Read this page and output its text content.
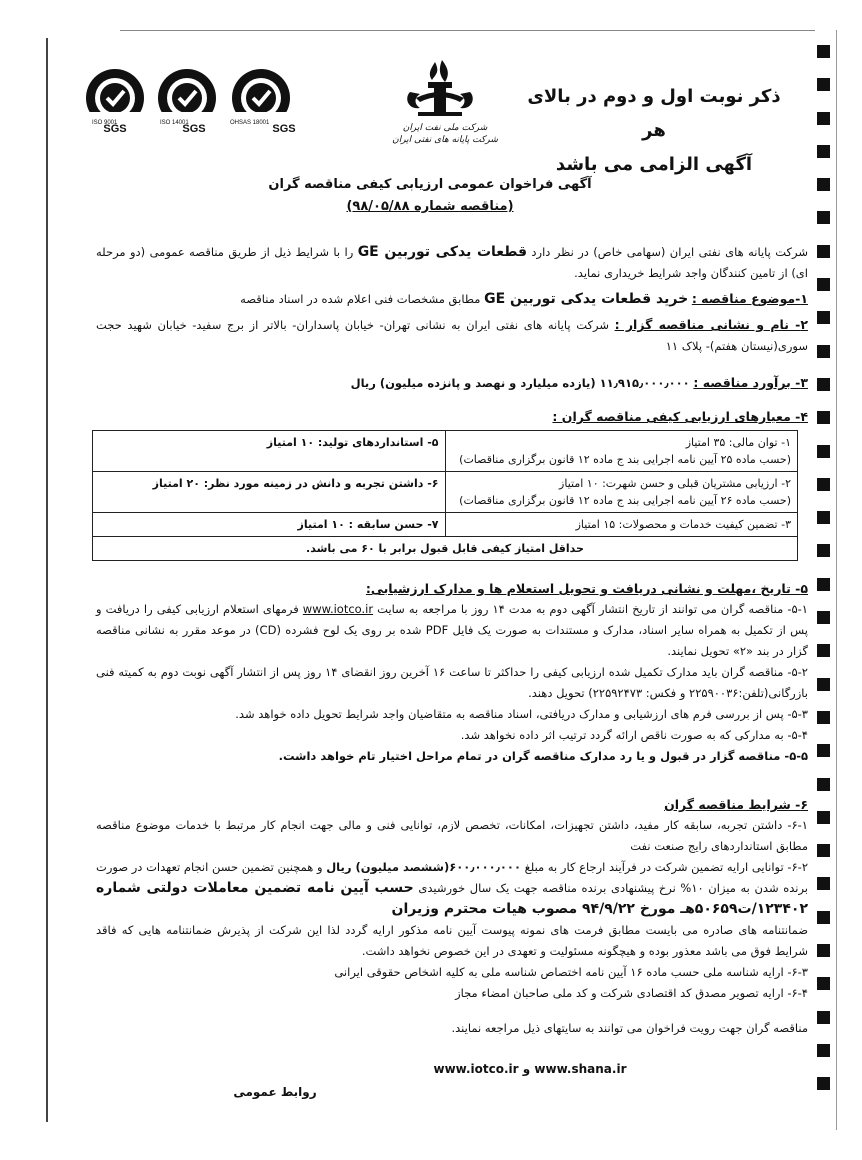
ذکر نوبت اول و دوم در بالای هر
آگهی الزامی می باشد
شرکت ملی نفت ایران
شرکت پایانه های نفتی ایران
SGS
ISO 9001	SGS
ISO 14001	SGS
OHSAS 18001
آگهی فراخوان عمومی ارزیابی کیفی مناقصه گران
(مناقصه شماره ۹۸/۰۵/۸۸)
شرکت پایانه های نفتی ایران (سهامی خاص) در نظر دارد قطعات یدکی توربین GE را با شرایط ذیل از طریق مناقصه عمومی (دو مرحله ای) از تامین کنندگان واجد شرایط خریداری نماید.
۱-موضوع مناقصه : خرید قطعات یدکی توربین GE مطابق مشخصات فنی اعلام شده در اسناد مناقصه
۲- نام و نشانی مناقصه گزار : شرکت پایانه های نفتی ایران به نشانی تهران- خیابان پاسداران- بالاتر از برج سفید- خیابان شهید حجت سوری(نیستان هفتم)- پلاک ۱۱
۳- برآورد مناقصه : ۱۱٫۹۱۵٫۰۰۰٫۰۰۰ (یازده میلیارد و نهصد و پانزده میلیون) ریال
۴- معیارهای ارزیابی کیفی مناقصه گران :
۱- توان مالی: ۳۵ امتیاز
(حسب ماده ۲۵ آیین نامه اجرایی بند ج ماده ۱۲ قانون برگزاری مناقصات)	۵- استانداردهای تولید: ۱۰ امتیاز

۲- ارزیابی مشتریان قبلی و حسن شهرت: ۱۰ امتیاز
(حسب ماده ۲۶ آیین نامه اجرایی بند ج ماده ۱۲ قانون برگزاری مناقصات)	۶- داشتن تجربه و دانش در زمینه مورد نظر: ۲۰ امتیاز

۳- تضمین کیفیت خدمات و محصولات: ۱۵ امتیاز	۷- حسن سابقه : ۱۰ امتیاز

حداقل امتیاز کیفی قابل قبول برابر با ۶۰ می باشد.	
۵- تاریخ ،مهلت و نشانی دریافت و تحویل استعلام ها و مدارک ارزشیابی:
۵-۱- مناقصه گران می توانند از تاریخ انتشار آگهی دوم به مدت ۱۴ روز با مراجعه به سایت www.iotco.ir فرمهای استعلام ارزیابی کیفی را دریافت و پس از تکمیل به همراه سایر اسناد، مدارک و مستندات به صورت یک فایل PDF شده بر روی یک لوح فشرده (CD) در موعد مقرر به نشانی مناقصه گزار در بند «۲» تحویل نمایند.
۵-۲- مناقصه گران باید مدارک تکمیل شده ارزیابی کیفی را حداکثر تا ساعت ۱۶ آخرین روز انقضای ۱۴ روز پس از انتشار آگهی نوبت دوم به کمیته فنی بازرگانی(تلفن:۲۲۵۹۰۰۳۶ و فکس: ۲۲۵۹۲۴۷۳) تحویل دهند.
۵-۳- پس از بررسی فرم های ارزشیابی و مدارک دریافتی، اسناد مناقصه به متقاضیان واجد شرایط تحویل داده خواهد شد.
۵-۴- به مدارکی که به صورت ناقص ارائه گردد ترتیب اثر داده نخواهد شد.
۵-۵- مناقصه گزار در قبول و یا رد مدارک مناقصه گران در تمام مراحل اختیار تام خواهد داشت.
۶- شرایط مناقصه گران
۶-۱- داشتن تجربه، سابقه کار مفید، داشتن تجهیزات، امکانات، تخصص لازم، توانایی فنی و مالی جهت انجام کار مرتبط با خدمات موضوع مناقصه مطابق استانداردهای رایج صنعت نفت
۶-۲- توانایی ارایه تضمین شرکت در فرآیند ارجاع کار به مبلغ ۶۰۰٫۰۰۰٫۰۰۰(ششصد میلیون) ریال و همچنین تضمین حسن انجام تعهدات در صورت برنده شدن به میزان ۱۰% نرخ پیشنهادی برنده مناقصه جهت یک سال خورشیدی حسب آیین نامه تضمین معاملات دولتی شماره ۱۲۳۴۰۲/ت۵۰۶۵۹هـ مورخ ۹۴/۹/۲۲ مصوب هیات محترم وزیران
ضمانتنامه های صادره می بایست مطابق فرمت های نمونه پیوست آیین نامه مذکور ارایه گردد لذا این شرکت از پذیرش ضمانتنامه هایی که فاقد شرایط فوق می باشد معذور بوده و هیچگونه مسئولیت و تعهدی در این خصوص نخواهد داشت.
۶-۳- ارایه شناسه ملی حسب ماده ۱۶ آیین نامه اختصاص شناسه ملی به کلیه اشخاص حقوقی ایرانی
۶-۴- ارایه تصویر مصدق کد اقتصادی شرکت و کد ملی صاحبان امضاء مجاز
مناقصه گران جهت رویت فراخوان می توانند به سایتهای ذیل مراجعه نمایند.
www.shana.ir و www.iotco.ir
روابط عمومی
